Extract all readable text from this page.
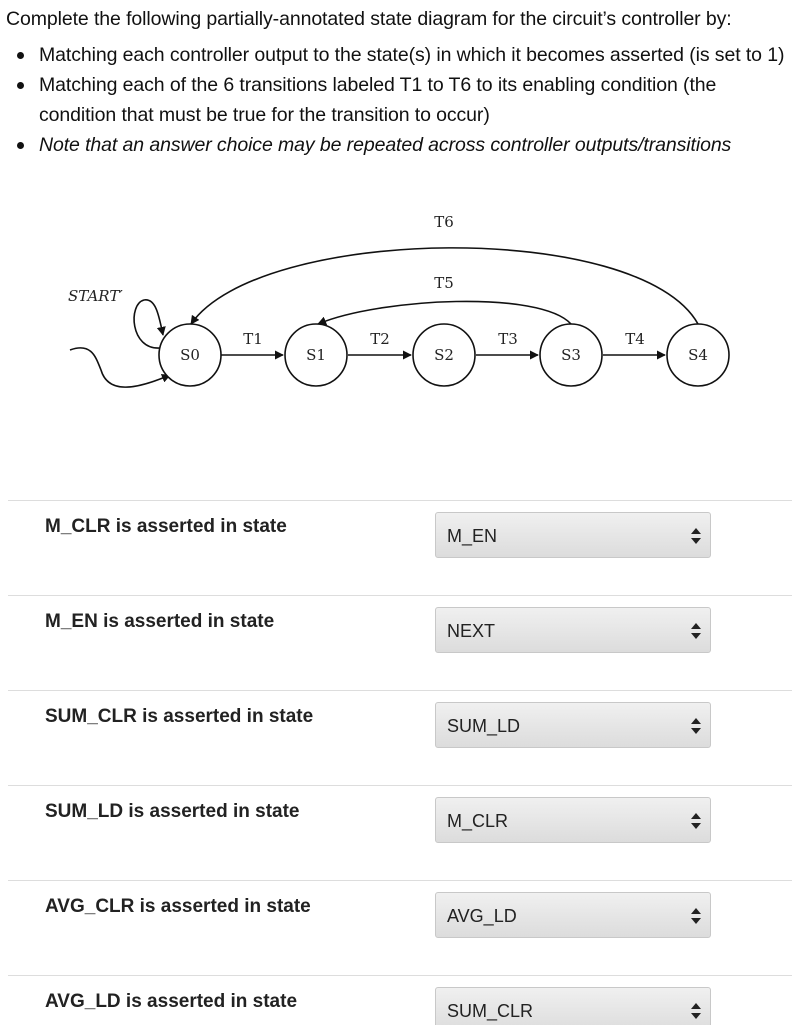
Complete the following partially-annotated state diagram for the circuit’s controller by:

Matching each controller output to the state(s) in which it becomes asserted (is set to 1)
Matching each of the 6 transitions labeled T1 to T6 to its enabling condition (the condition that must be true for the transition to occur)
Note that an answer choice may be repeated across controller outputs/transitions
S0	S1	S2	S3	S4
T1	T2	T3	T4
T5
T6
START′
M_CLR is asserted in state	M_EN
M_EN is asserted in state	NEXT
SUM_CLR is asserted in state	SUM_LD
SUM_LD is asserted in state	M_CLR
AVG_CLR is asserted in state	AVG_LD
AVG_LD is asserted in state	SUM_CLR
